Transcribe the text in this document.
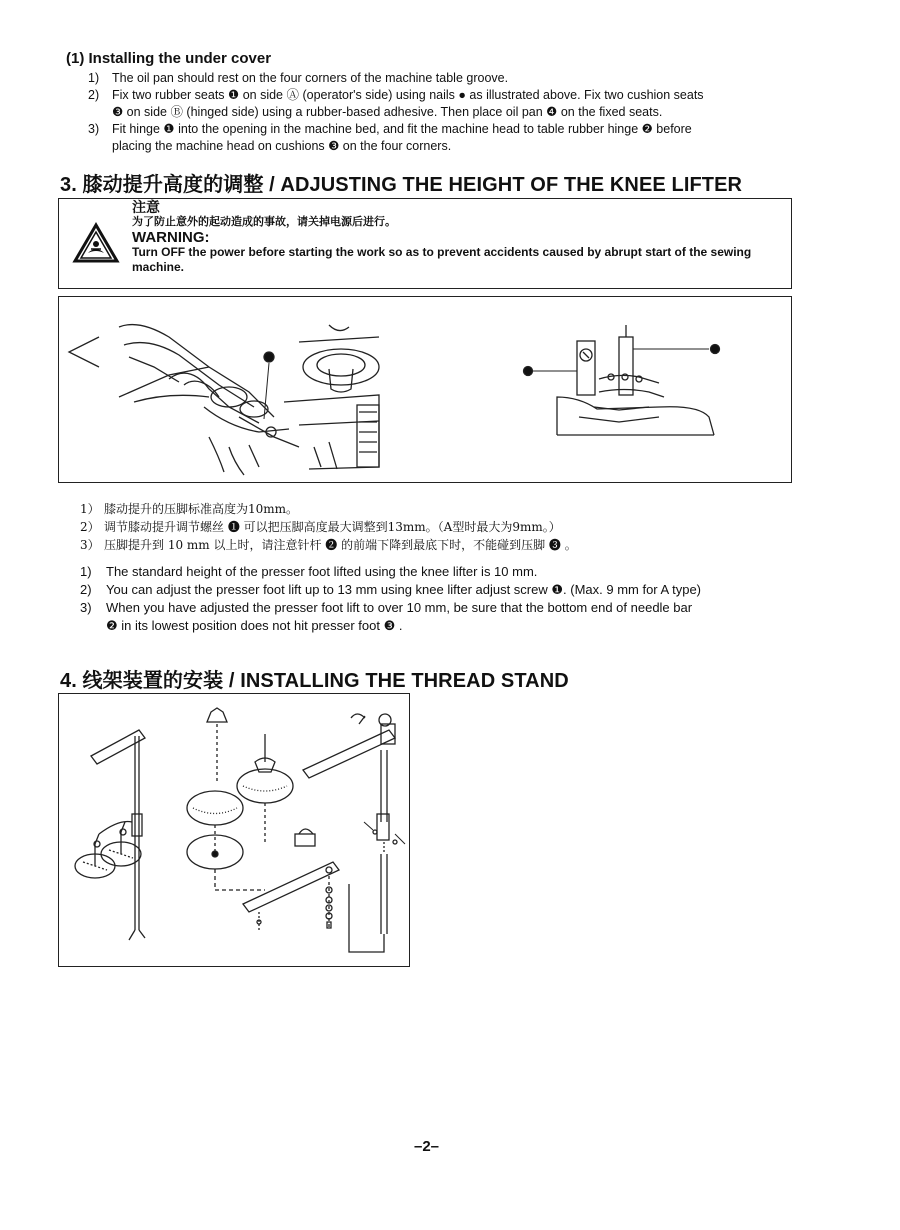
(1) Installing the under cover
1)	The oil pan should rest on the four corners of the machine table groove.
2)	Fix two rubber seats ❶ on side Ⓐ (operator's side) using nails ● as illustrated above. Fix two cushion seats
❸ on side Ⓑ (hinged side) using a rubber-based adhesive. Then place oil pan ❹ on the fixed seats.
3)	Fit hinge ❶ into the opening in the machine bed, and fit the machine head to table rubber hinge ❷ before
placing the machine head on cushions ❸ on the four corners.
3. 膝动提升高度的调整 / ADJUSTING THE HEIGHT OF THE KNEE LIFTER
注意
为了防止意外的起动造成的事故，请关掉电源后进行。
WARNING:
Turn OFF the power before starting the work so as to prevent accidents caused by abrupt start of the sewing machine.
1） 膝动提升的压脚标准高度为10mm。
2） 调节膝动提升调节螺丝 ❶ 可以把压脚高度最大调整到13mm。（A型时最大为9mm。）
3） 压脚提升到 10 mm 以上时，请注意针杆 ❷ 的前端下降到最底下时，不能碰到压脚 ❸ 。
1)	The standard height of the presser foot lifted using the knee lifter is 10 mm.
2)	You can adjust the presser foot lift up to 13 mm using knee lifter adjust screw ❶. (Max. 9 mm for A type)
3)	When you have adjusted the presser foot lift to over 10 mm, be sure that the bottom end of needle bar
❷ in its lowest position does not hit presser foot ❸ .
4. 线架装置的安装 / INSTALLING THE THREAD STAND
–2–
